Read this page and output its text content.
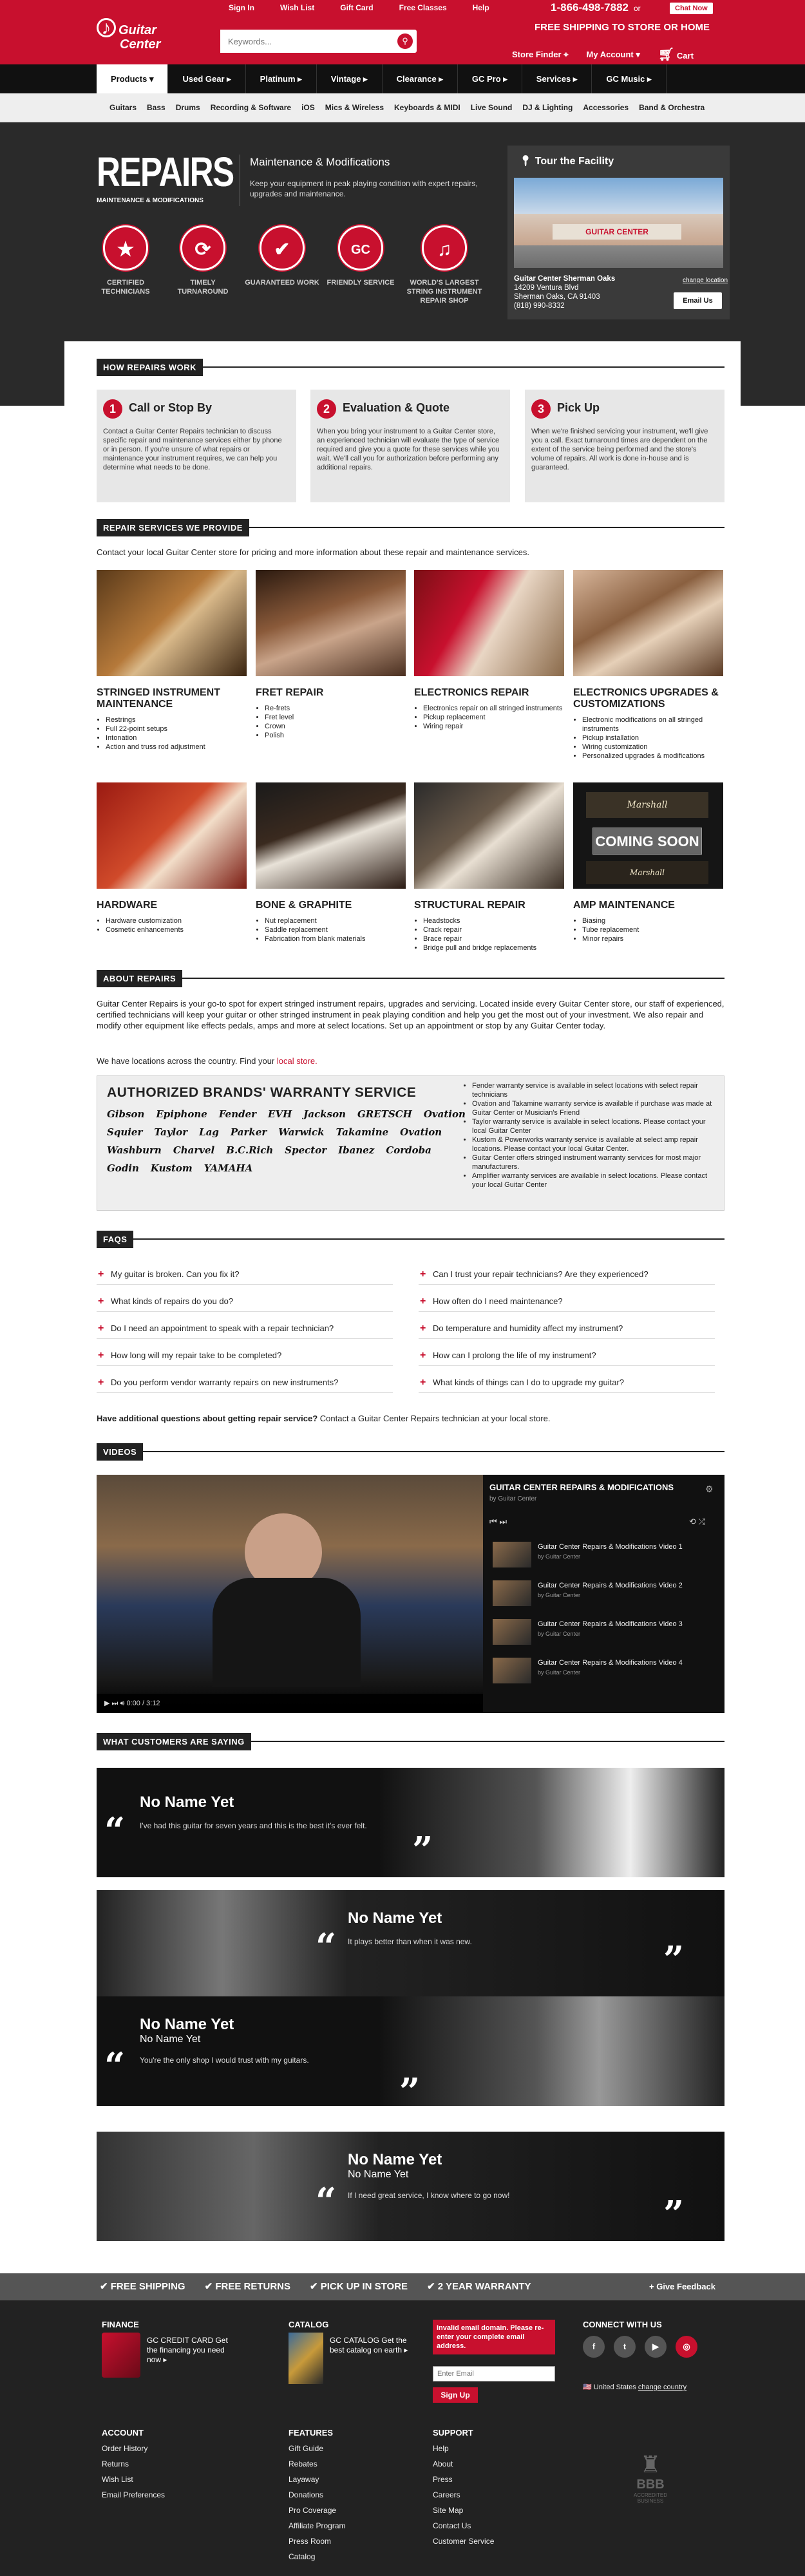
Sign In	Wish List	Gift Card	Free Classes	Help
♪ Guitar
Center
Keywords...	⚲
1-866-498-7882 or	Chat Now
FREE SHIPPING TO STORE OR HOME
Store Finder ⌖ My Account ▾ 🛒︎ Cart
Products ▾	Used Gear ▸	Platinum ▸	Vintage ▸	Clearance ▸	GC Pro ▸	Services ▸	GC Music ▸
Guitars Bass Drums Recording & Software iOS Mics & Wireless Keyboards & MIDI Live Sound DJ & Lighting Accessories Band & Orchestra
REPAIRS
MAINTENANCE & MODIFICATIONS
Maintenance & Modifications
Keep your equipment in peak playing condition with expert repairs, upgrades and maintenance.
★
CERTIFIED TECHNICIANS
⟳
TIMELY TURNAROUND
✔
GUARANTEED WORK
GC
FRIENDLY SERVICE
♫
WORLD'S LARGEST STRING INSTRUMENT REPAIR SHOP
📍︎ Tour the Facility
GUITAR CENTER
Guitar Center Sherman Oaks
14209 Ventura Blvd
Sherman Oaks, CA 91403
(818) 990-8332
change location
Email Us
HOW REPAIRS WORK
1	Call or Stop By
Contact a Guitar Center Repairs technician to discuss specific repair and maintenance services either by phone or in person. If you're unsure of what repairs or maintenance your instrument requires, we can help you determine what needs to be done.
2	Evaluation & Quote
When you bring your instrument to a Guitar Center store, an experienced technician will evaluate the type of service required and give you a quote for these services while you wait. We'll call you for authorization before performing any additional repairs.
3	Pick Up
When we're finished servicing your instrument, we'll give you a call. Exact turnaround times are dependent on the extent of the service being performed and the store's volume of repairs. All work is done in-house and is guaranteed.
REPAIR SERVICES WE PROVIDE
Contact your local Guitar Center store for pricing and more information about these repair and maintenance services.
STRINGED INSTRUMENT MAINTENANCE
• Restrings
• Full 22-point setups
• Intonation
• Action and truss rod adjustment
FRET REPAIR
• Re-frets
• Fret level
• Crown
• Polish
ELECTRONICS REPAIR
• Electronics repair on all stringed instruments
• Pickup replacement
• Wiring repair
ELECTRONICS UPGRADES & CUSTOMIZATIONS
• Electronic modifications on all stringed instruments
• Pickup installation
• Wiring customization
• Personalized upgrades & modifications
HARDWARE
• Hardware customization
• Cosmetic enhancements
BONE & GRAPHITE
• Nut replacement
• Saddle replacement
• Fabrication from blank materials
STRUCTURAL REPAIR
• Headstocks
• Crack repair
• Brace repair
• Bridge pull and bridge replacements
Marshall
COMING SOON
Marshall
AMP MAINTENANCE
• Biasing
• Tube replacement
• Minor repairs
ABOUT REPAIRS
Guitar Center Repairs is your go-to spot for expert stringed instrument repairs, upgrades and servicing. Located inside every Guitar Center store, our staff of experienced, certified technicians will keep your guitar or other stringed instrument in peak playing condition and help you get the most out of your investment. We also repair and modify other equipment like effects pedals, amps and more at select locations. Set up an appointment or stop by any Guitar Center today.
We have locations across the country. Find your local store.
AUTHORIZED BRANDS' WARRANTY SERVICE
Gibson Epiphone Fender EVH Jackson GRETSCH Ovation
Squier Taylor Lag Parker Warwick Takamine Ovation
Washburn Charvel B.C.Rich Spector Ibanez Cordoba
Godin Kustom YAMAHA
• Fender warranty service is available in select locations with select repair technicians
• Ovation and Takamine warranty service is available if purchase was made at Guitar Center or Musician's Friend
• Taylor warranty service is available in select locations. Please contact your local Guitar Center
• Kustom & Powerworks warranty service is available at select amp repair locations. Please contact your local Guitar Center.
• Guitar Center offers stringed instrument warranty services for most major manufacturers.
• Amplifier warranty services are available in select locations. Please contact your local Guitar Center
FAQS
+ My guitar is broken. Can you fix it?
+ What kinds of repairs do you do?
+ Do I need an appointment to speak with a repair technician?
+ How long will my repair take to be completed?
+ Do you perform vendor warranty repairs on new instruments?
+ Can I trust your repair technicians? Are they experienced?
+ How often do I need maintenance?
+ Do temperature and humidity affect my instrument?
+ How can I prolong the life of my instrument?
+ What kinds of things can I do to upgrade my guitar?
Have additional questions about getting repair service? Contact a Guitar Center Repairs technician at your local store.
VIDEOS
▶ ⏭ 🔊︎ 0:00 / 3:12
GUITAR CENTER REPAIRS & MODIFICATIONS
by Guitar Center
⚙
⏮ ⏭	⟲ ⤮
Guitar Center Repairs & Modifications Video 1
by Guitar Center
Guitar Center Repairs & Modifications Video 2
by Guitar Center
Guitar Center Repairs & Modifications Video 3
by Guitar Center
Guitar Center Repairs & Modifications Video 4
by Guitar Center
WHAT CUSTOMERS ARE SAYING
No Name Yet
“ I've had this guitar for seven years and this is the best it's ever felt.
”
No Name Yet
“ It plays better than when it was new.	”
No Name Yet
No Name Yet
“ You're the only shop I would trust with my guitars.
”
No Name Yet
No Name Yet
“ If I need great service, I know where to go now!	”
✔ FREE SHIPPING ✔ FREE RETURNS ✔ PICK UP IN STORE ✔ 2 YEAR WARRANTY	+ Give Feedback
FINANCE
GC CREDIT CARD Get the financing you need now ▸
CATALOG
GC CATALOG Get the best catalog on earth ▸
Invalid email domain. Please re-enter your complete email address.
Enter Email
Sign Up
CONNECT WITH US
f	t	▶	◎
🇺🇸 United States change country
ACCOUNT
Order History
Returns
Wish List
Email Preferences
FEATURES
Gift Guide
Rebates
Layaway
Donations
Pro Coverage
Affiliate Program
Press Room
Catalog
SUPPORT
Help
About
Press
Careers
Site Map
Contact Us
Customer Service
♜
BBB
ACCREDITED BUSINESS
